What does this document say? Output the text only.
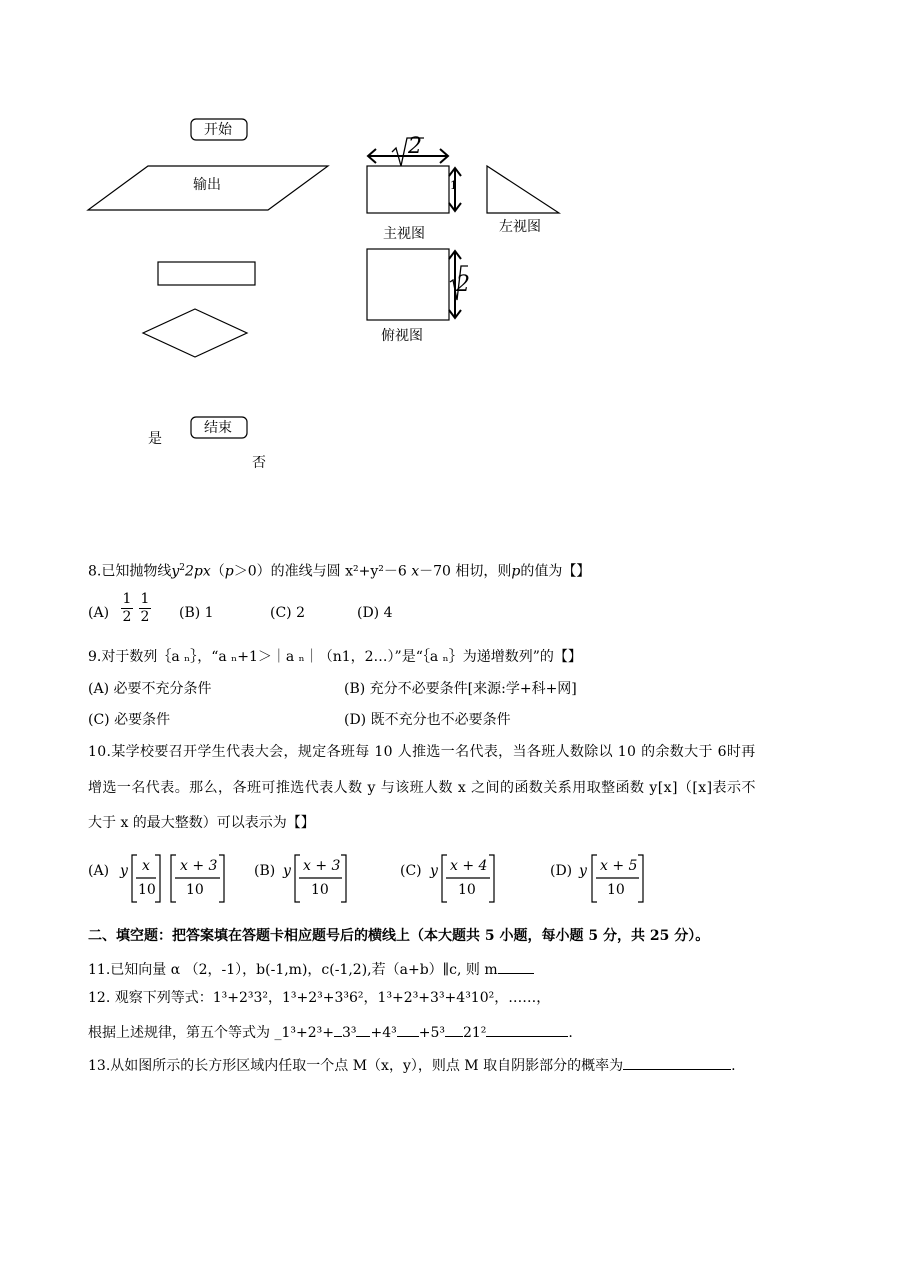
开始
输出
结束
是
否
2
1
2
主视图	左视图
俯视图
8.已知抛物线$y^22px(p>0)$的准线与圆 x²+y²－6 x－70 相切，则p的值为【】
(A)
1
2
1
2 (B) 1	(C) 2	(D) 4
9.对于数列｛a ₙ｝，“a ₙ+1＞｜a ₙ｜（n1，2…）”是“｛a ₙ｝为递增数列”的【】
(A) 必要不充分条件	(B) 充分不必要条件[来源:学+科+网]
(C) 必要条件	(D) 既不充分也不必要条件
10.某学校要召开学生代表大会，规定各班每 10 人推选一名代表，当各班人数除以 10 的余数大于 6时再
增选一名代表。那么，各班可推选代表人数 y 与该班人数 x 之间的函数关系用取整函数 y[x]（[x]表示不
大于 x 的最大整数）可以表示为【】
(A) y x
10
x + 3
10
(B) y x + 3
10
(C) y x + 4
10
(D) y x + 5
10
二、填空题：把答案填在答题卡相应题号后的横线上（本大题共 5 小题，每小题 5 分，共 25 分）。
11.已知向量 α （2，-1），b(-1,m)，c(-1,2),若（a+b）∥c, 则 m
12. 观察下列等式：1³+2³3²，1³+2³+3³6²，1³+2³+3³+4³10²，……，
根据上述规律，第五个等式为 _1³+2³+ 3³ +4³ +5³ 21²	.
13.从如图所示的长方形区域内任取一个点 M（x，y），则点 M 取自阴影部分的概率为	.
